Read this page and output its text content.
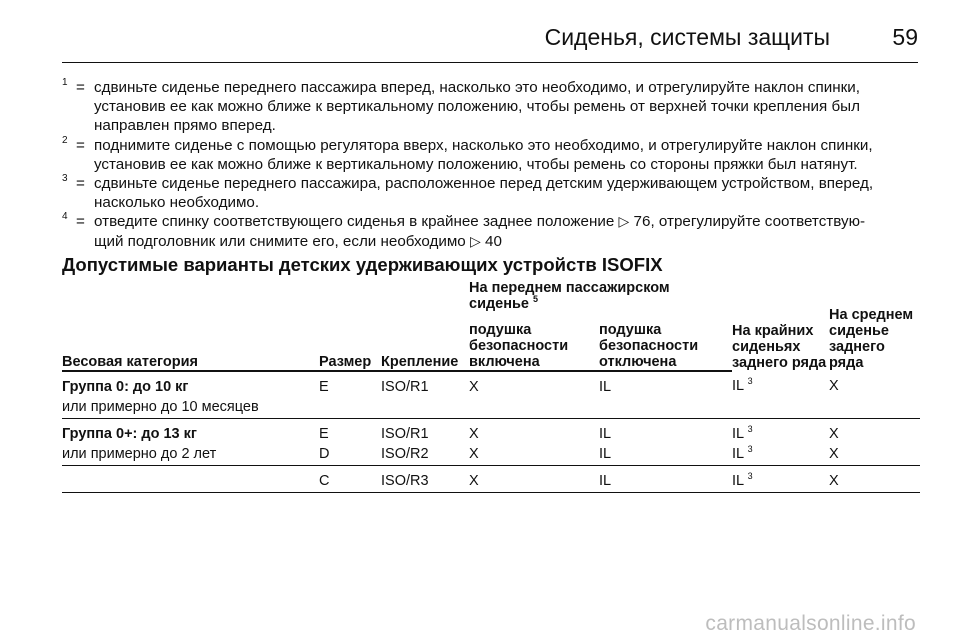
Сиденья, системы защиты	59
1 = сдвиньте сиденье переднего пассажира вперед, насколько это необходимо, и отрегулируйте наклон спинки,
установив ее как можно ближе к вертикальному положению, чтобы ремень от верхней точки крепления был
направлен прямо вперед.
2 = поднимите сиденье с помощью регулятора вверх, насколько это необходимо, и отрегулируйте наклон спинки,
установив ее как можно ближе к вертикальному положению, чтобы ремень со стороны пряжки был натянут.
3 = сдвиньте сиденье переднего пассажира, расположенное перед детским удерживающем устройством, вперед,
насколько необходимо.
4 = отведите спинку соответствующего сиденья в крайнее заднее положение ▷ 76, отрегулируйте соответствую-
щий подголовник или снимите его, если необходимо ▷ 40
Допустимые варианты детских удерживающих устройств ISOFIX
			На переднем пассажирском сиденье $^5$		На крайних сиденьях заднего ряда	На среднем сиденье заднего ряда
Весовая категория	Размер	Крепление	подушка безопасности включена	подушка безопасности отключена		
Группа 0: до 10 кг	E	ISO/R1	X	IL	IL $^3$	X
или примерно до 10 месяцев						
Группа 0+: до 13 кг	E	ISO/R1	X	IL	IL $^3$	X
или примерно до 2 лет	D	ISO/R2	X	IL	IL $^3$	X
	C	ISO/R3	X	IL	IL $^3$	X
carmanualsonline.info
